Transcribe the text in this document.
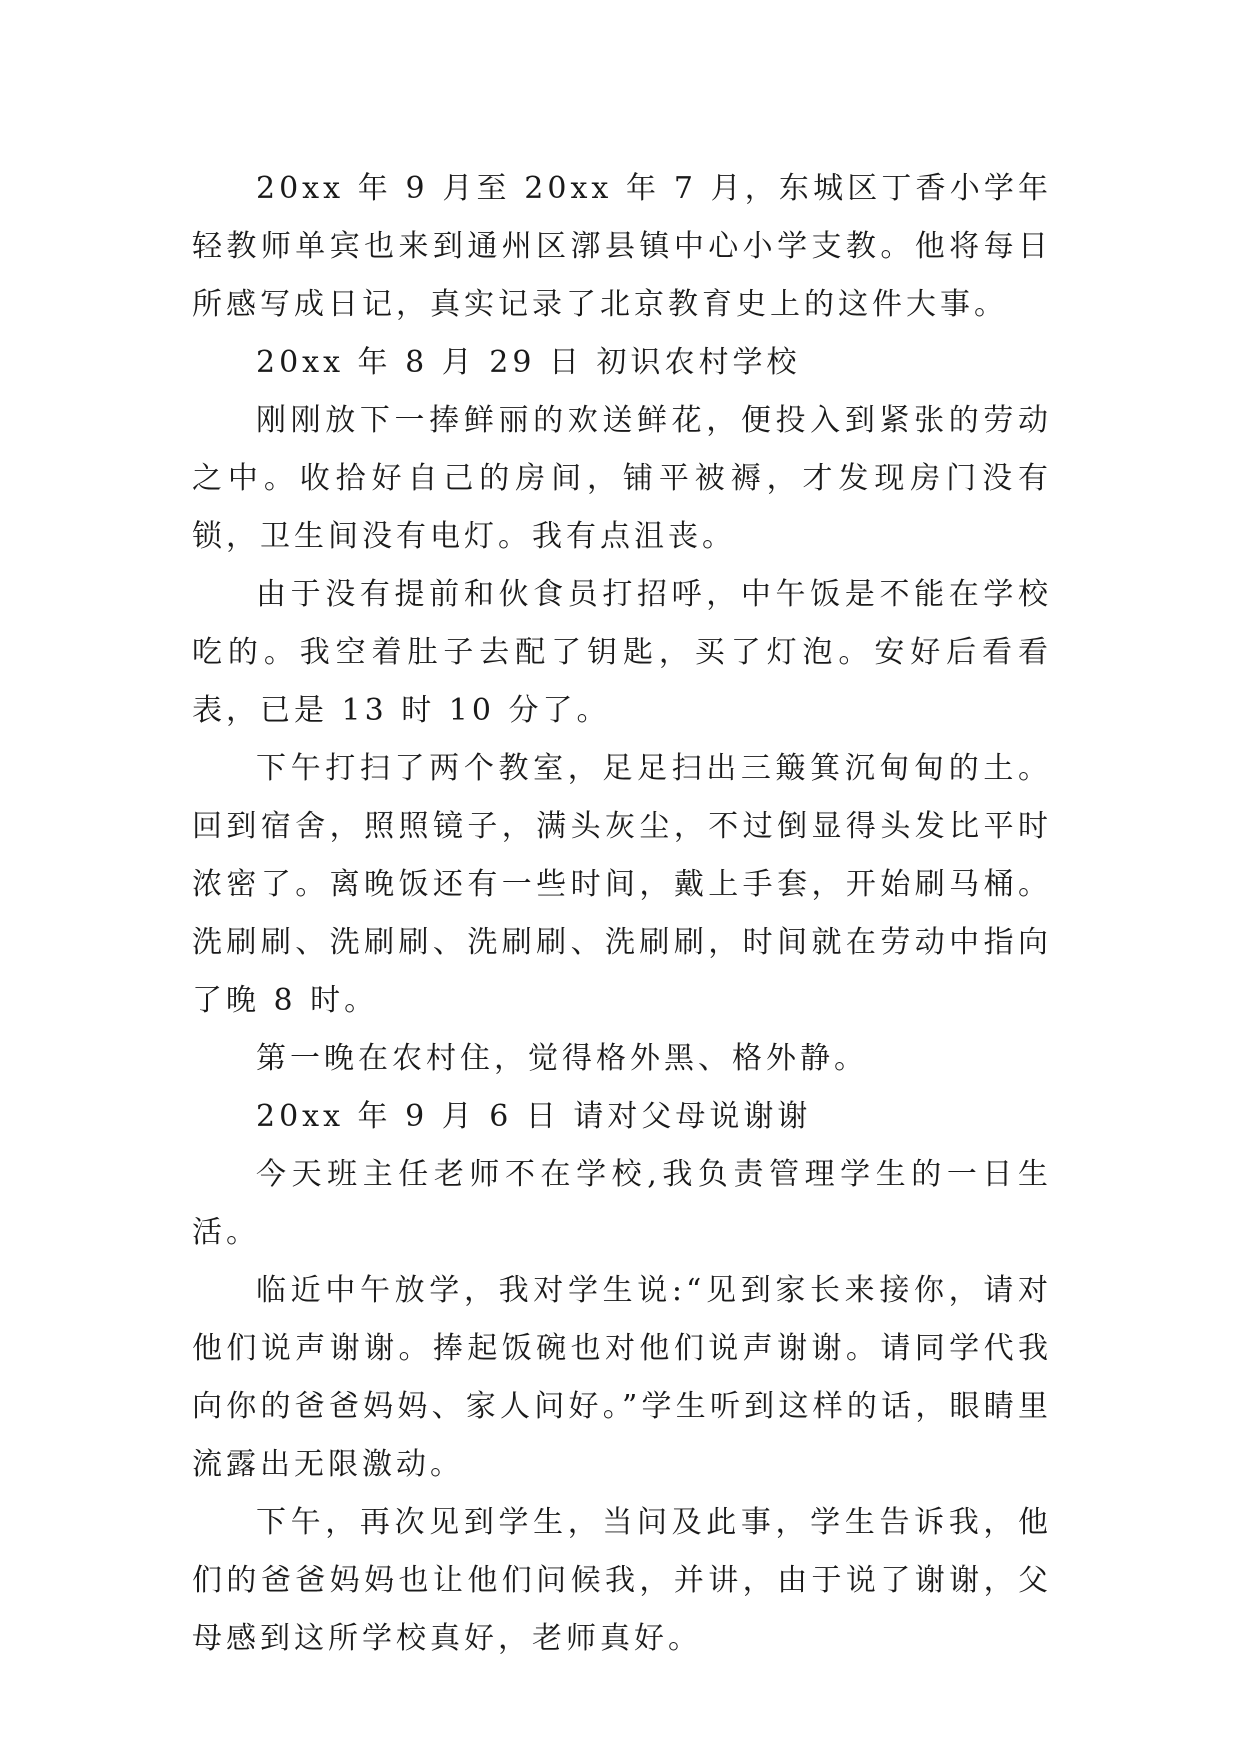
20xx 年 9 月至 20xx 年 7 月，东城区丁香小学年轻教师单宾也来到通州区漷县镇中心小学支教。他将每日所感写成日记，真实记录了北京教育史上的这件大事。

20xx 年 8 月 29 日 初识农村学校

刚刚放下一捧鲜丽的欢送鲜花，便投入到紧张的劳动之中。收拾好自己的房间，铺平被褥，才发现房门没有锁，卫生间没有电灯。我有点沮丧。

由于没有提前和伙食员打招呼，中午饭是不能在学校吃的。我空着肚子去配了钥匙，买了灯泡。安好后看看表，已是 13 时 10 分了。

下午打扫了两个教室，足足扫出三簸箕沉甸甸的土。回到宿舍，照照镜子，满头灰尘，不过倒显得头发比平时浓密了。离晚饭还有一些时间，戴上手套，开始刷马桶。洗刷刷、洗刷刷、洗刷刷、洗刷刷，时间就在劳动中指向了晚 8 时。

第一晚在农村住，觉得格外黑、格外静。

20xx 年 9 月 6 日 请对父母说谢谢

今天班主任老师不在学校,我负责管理学生的一日生活。

临近中午放学，我对学生说:“见到家长来接你，请对他们说声谢谢。捧起饭碗也对他们说声谢谢。请同学代我向你的爸爸妈妈、家人问好。”学生听到这样的话，眼睛里流露出无限激动。

下午，再次见到学生，当问及此事，学生告诉我，他们的爸爸妈妈也让他们问候我，并讲，由于说了谢谢，父母感到这所学校真好，老师真好。
